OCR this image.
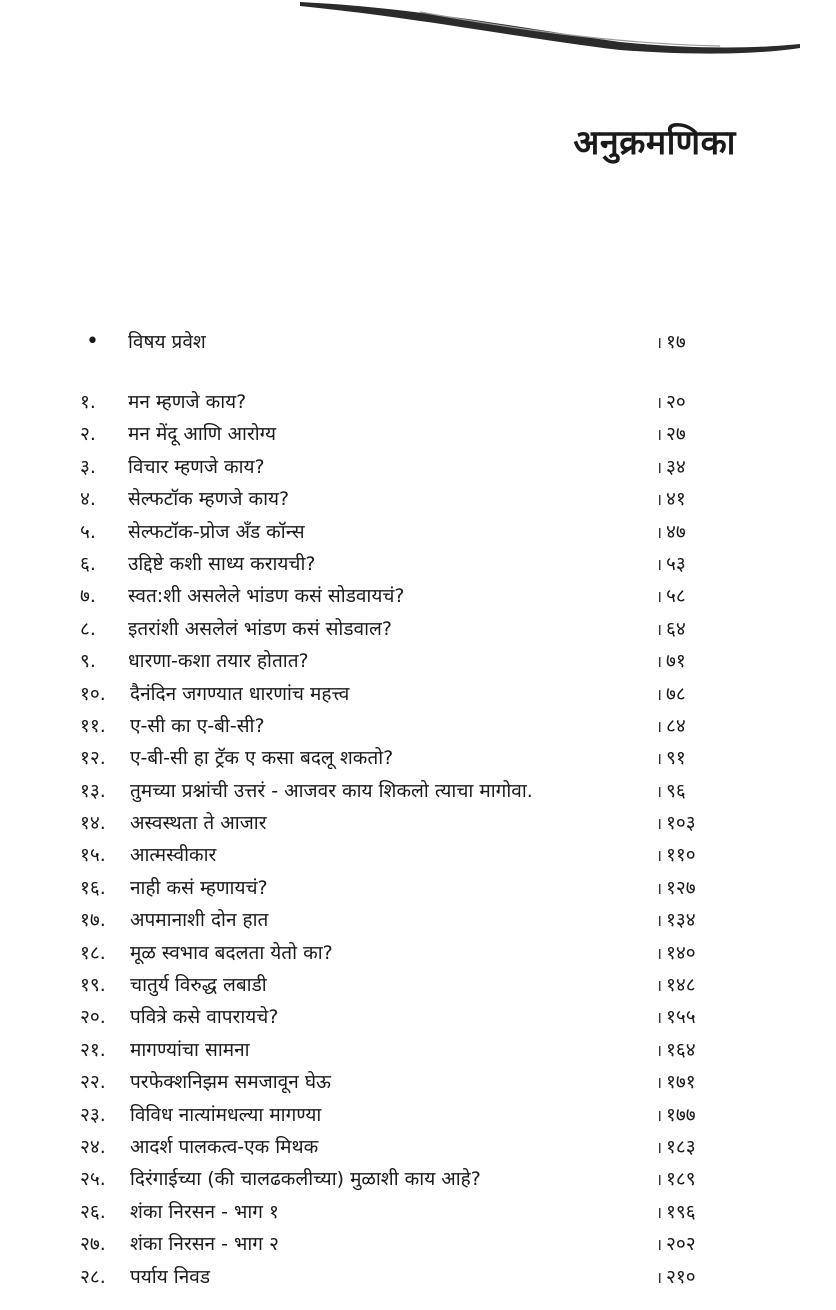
अनुक्रमणिका
• विषय प्रवेश	। १७
१. मन म्हणजे काय?	। २०
२. मन मेंदू आणि आरोग्य	। २७
३. विचार म्हणजे काय?	। ३४
४. सेल्फटॉक म्हणजे काय?	। ४१
५. सेल्फटॉक-प्रोज अँड कॉन्स	। ४७
६. उद्दिष्टे कशी साध्य करायची?	। ५३
७. स्वत:शी असलेले भांडण कसं सोडवायचं?	। ५८
८. इतरांशी असलेलं भांडण कसं सोडवाल?	। ६४
९. धारणा-कशा तयार होतात?	। ७१
१०. दैनंदिन जगण्यात धारणांच महत्त्व	। ७८
११. ए-सी का ए-बी-सी?	। ८४
१२. ए-बी-सी हा ट्रॅक ए कसा बदलू शकतो?	। ९१
१३. तुमच्या प्रश्नांची उत्तरं - आजवर काय शिकलो त्याचा मागोवा.	। ९६
१४. अस्वस्थता ते आजार	। १०३
१५. आत्मस्वीकार	। ११०
१६. नाही कसं म्हणायचं?	। १२७
१७. अपमानाशी दोन हात	। १३४
१८. मूळ स्वभाव बदलता येतो का?	। १४०
१९. चातुर्य विरुद्ध लबाडी	। १४८
२०. पवित्रे कसे वापरायचे?	। १५५
२१. मागण्यांचा सामना	। १६४
२२. परफेक्शनिझम समजावून घेऊ	। १७१
२३. विविध नात्यांमधल्या मागण्या	। १७७
२४. आदर्श पालकत्व-एक मिथक	। १८३
२५. दिरंगाईच्या (की चालढकलीच्या) मुळाशी काय आहे?	। १८९
२६. शंका निरसन - भाग १	। १९६
२७. शंका निरसन - भाग २	। २०२
२८. पर्याय निवड	। २१०
